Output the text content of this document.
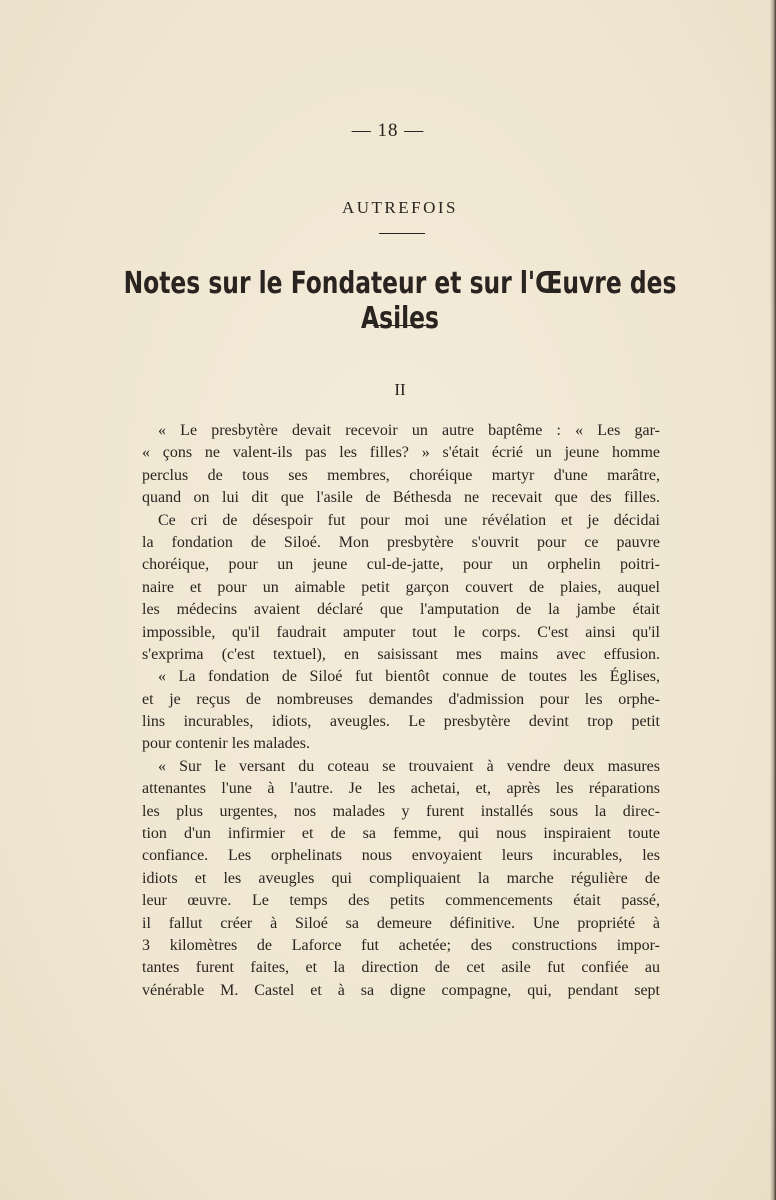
— 18 —
AUTREFOIS
Notes sur le Fondateur et sur l'Œuvre des Asiles
II
« Le presbytère devait recevoir un autre baptême : « Les gar-
« çons ne valent-ils pas les filles? » s'était écrié un jeune homme
perclus de tous ses membres, choréique martyr d'une marâtre,
quand on lui dit que l'asile de Béthesda ne recevait que des filles.
Ce cri de désespoir fut pour moi une révélation et je décidai
la fondation de Siloé. Mon presbytère s'ouvrit pour ce pauvre
choréique, pour un jeune cul-de-jatte, pour un orphelin poitri-
naire et pour un aimable petit garçon couvert de plaies, auquel
les médecins avaient déclaré que l'amputation de la jambe était
impossible, qu'il faudrait amputer tout le corps. C'est ainsi qu'il
s'exprima (c'est textuel), en saisissant mes mains avec effusion.
« La fondation de Siloé fut bientôt connue de toutes les Églises,
et je reçus de nombreuses demandes d'admission pour les orphe-
lins incurables, idiots, aveugles. Le presbytère devint trop petit
pour contenir les malades.
« Sur le versant du coteau se trouvaient à vendre deux masures
attenantes l'une à l'autre. Je les achetai, et, après les réparations
les plus urgentes, nos malades y furent installés sous la direc-
tion d'un infirmier et de sa femme, qui nous inspiraient toute
confiance. Les orphelinats nous envoyaient leurs incurables, les
idiots et les aveugles qui compliquaient la marche régulière de
leur œuvre. Le temps des petits commencements était passé,
il fallut créer à Siloé sa demeure définitive. Une propriété à
3 kilomètres de Laforce fut achetée; des constructions impor-
tantes furent faites, et la direction de cet asile fut confiée au
vénérable M. Castel et à sa digne compagne, qui, pendant sept
